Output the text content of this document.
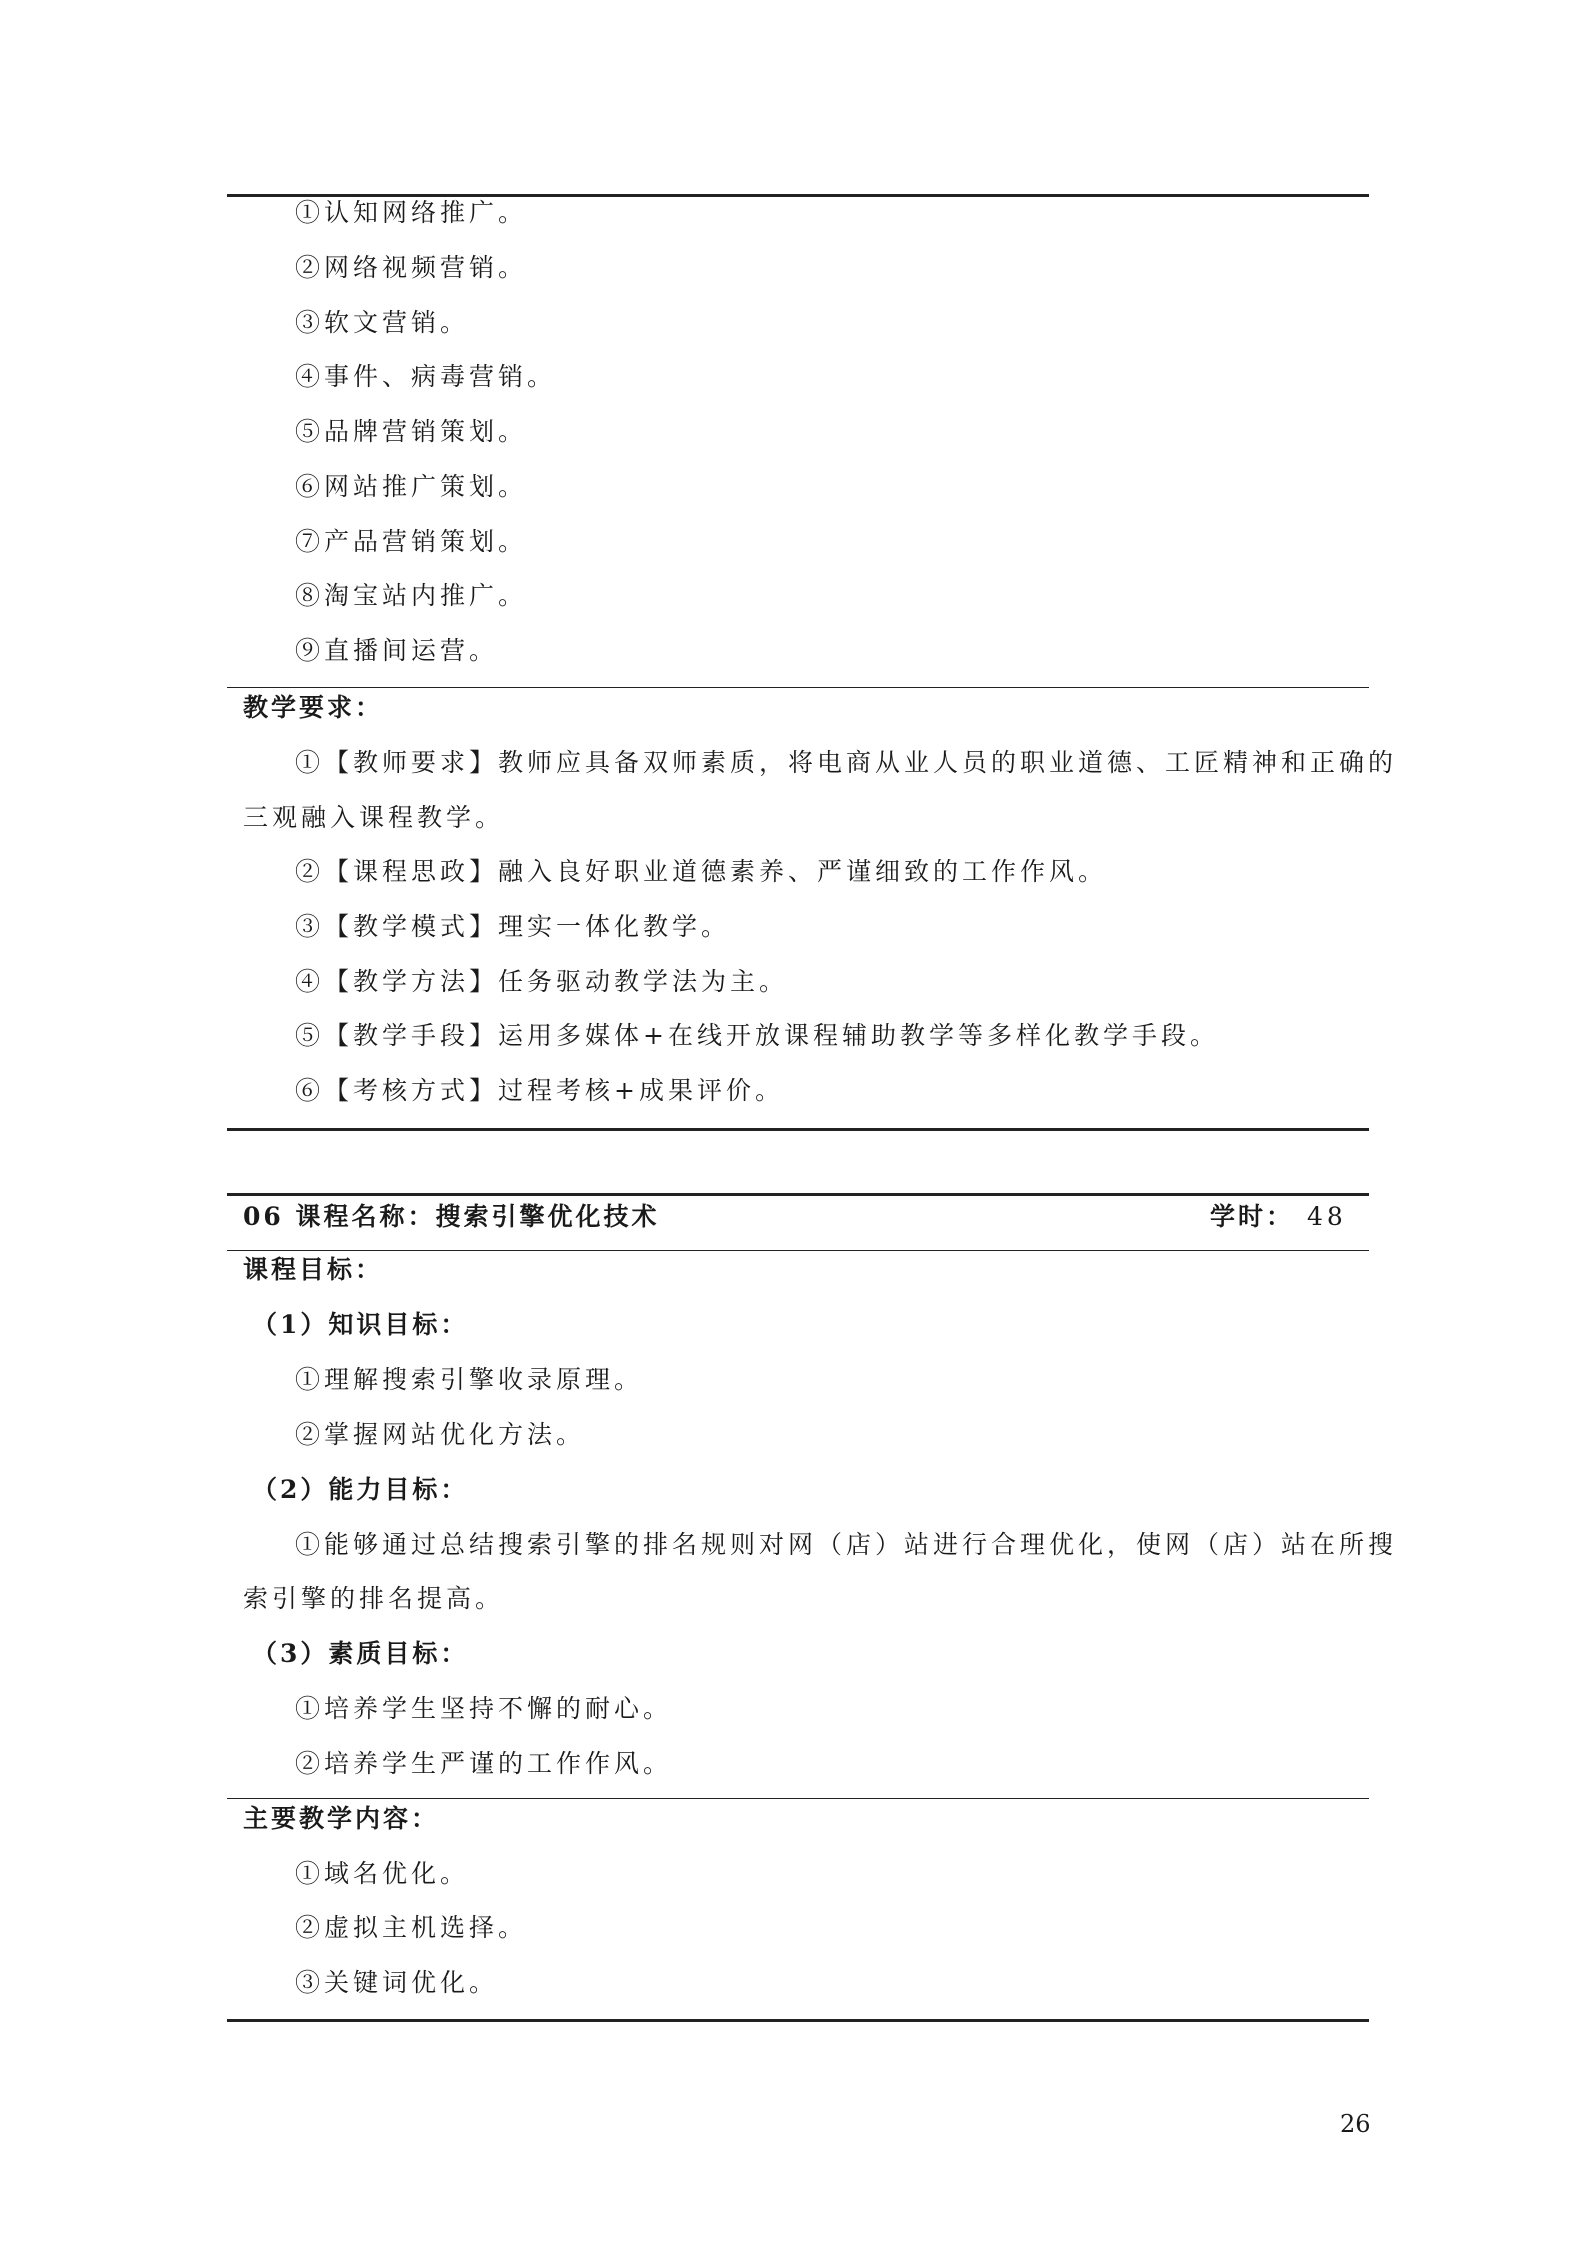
①认知网络推广。
②网络视频营销。
③软文营销。
④事件、病毒营销。
⑤品牌营销策划。
⑥网站推广策划。
⑦产品营销策划。
⑧淘宝站内推广。
⑨直播间运营。
教学要求：
①【教师要求】教师应具备双师素质，将电商从业人员的职业道德、工匠精神和正确的
三观融入课程教学。
②【课程思政】融入良好职业道德素养、严谨细致的工作作风。
③【教学模式】理实一体化教学。
④【教学方法】任务驱动教学法为主。
⑤【教学手段】运用多媒体+在线开放课程辅助教学等多样化教学手段。
⑥【考核方式】过程考核+成果评价。
06 课程名称：搜索引擎优化技术	学时： 48
课程目标：
（1）知识目标：
①理解搜索引擎收录原理。
②掌握网站优化方法。
（2）能力目标：
①能够通过总结搜索引擎的排名规则对网（店）站进行合理优化，使网（店）站在所搜
索引擎的排名提高。
（3）素质目标：
①培养学生坚持不懈的耐心。
②培养学生严谨的工作作风。
主要教学内容：
①域名优化。
②虚拟主机选择。
③关键词优化。
26
